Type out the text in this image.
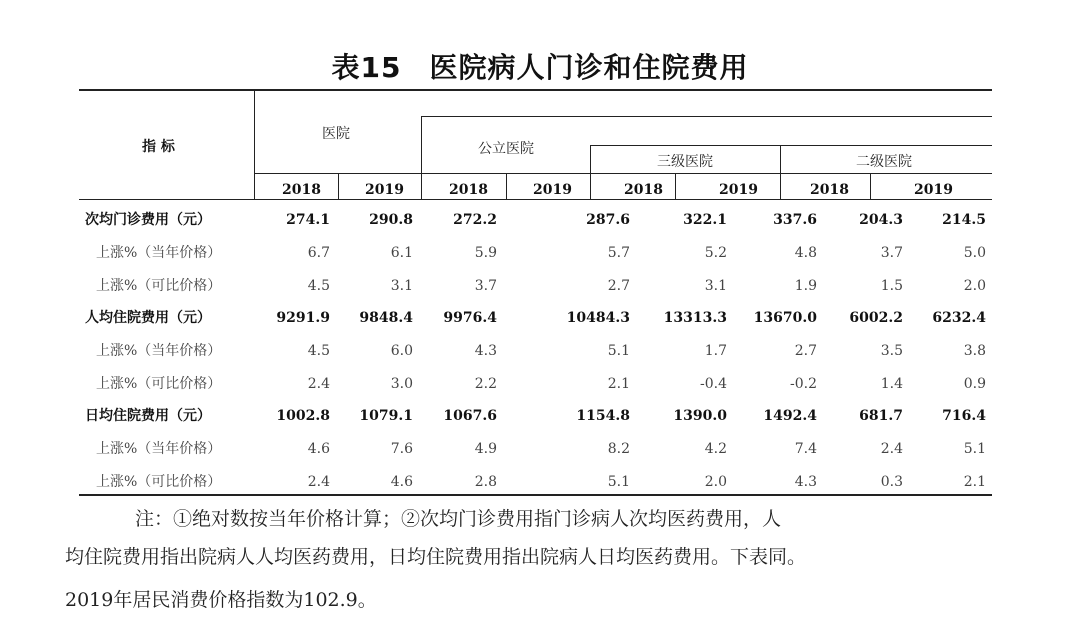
表15 医院病人门诊和住院费用
指 标
医院
公立医院
三级医院	二级医院
2018	2019	2018	2019	2018	2019	2018	2019
次均门诊费用（元）	274.1	290.8	272.2	287.6	322.1	337.6	204.3	214.5
上涨%（当年价格）	6.7	6.1	5.9	5.7	5.2	4.8	3.7	5.0
上涨%（可比价格）	4.5	3.1	3.7	2.7	3.1	1.9	1.5	2.0
人均住院费用（元）	9291.9 9848.4 9976.4	10484.3 13313.3 13670.0 6002.2 6232.4
上涨%（当年价格）	4.5	6.0	4.3	5.1	1.7	2.7	3.5	3.8
上涨%（可比价格）	2.4	3.0	2.2	2.1	-0.4	-0.2	1.4	0.9
日均住院费用（元）	1002.8 1079.1 1067.6	1154.8	1390.0	1492.4	681.7	716.4
上涨%（当年价格）	4.6	7.6	4.9	8.2	4.2	7.4	2.4	5.1
上涨%（可比价格）	2.4	4.6	2.8	5.1	2.0	4.3	0.3	2.1
注：①绝对数按当年价格计算；②次均门诊费用指门诊病人次均医药费用，人
均住院费用指出院病人人均医药费用，日均住院费用指出院病人日均医药费用。下表同。
2019年居民消费价格指数为102.9。
